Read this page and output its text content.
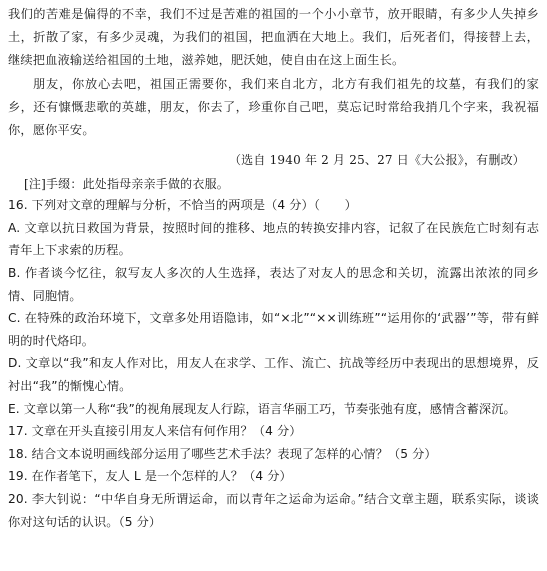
我们的苦难是偏得的不幸，我们不过是苦难的祖国的一个小小章节，放开眼睛，有多少人失掉乡土，折散了家，有多少灵魂，为我们的祖国，把血洒在大地上。我们，后死者们，得接替上去，继续把血液输送给祖国的土地，滋养她，肥沃她，使自由在这上面生长。

朋友，你放心去吧，祖国正需要你，我们来自北方，北方有我们祖先的坟墓，有我们的家乡，还有慷慨悲歌的英雄，朋友，你去了，珍重你自己吧，莫忘记时常给我捎几个字来，我祝福你，愿你平安。

（选自 1940 年 2 月 25、27 日《大公报》，有删改）

[注]手缀：此处指母亲亲手做的衣服。

16. 下列对文章的理解与分析，不恰当的两项是（4 分）（　　）

A. 文章以抗日救国为背景，按照时间的推移、地点的转换安排内容，记叙了在民族危亡时刻有志青年上下求索的历程。

B. 作者谈今忆往，叙写友人多次的人生选择，表达了对友人的思念和关切，流露出浓浓的同乡情、同胞情。

C. 在特殊的政治环境下，文章多处用语隐讳，如“×北”“××训练班”“运用你的‘武器’”等，带有鲜明的时代烙印。

D. 文章以“我”和友人作对比，用友人在求学、工作、流亡、抗战等经历中表现出的思想境界，反衬出“我”的惭愧心情。

E. 文章以第一人称“我”的视角展现友人行踪，语言华丽工巧，节奏张弛有度，感情含蓄深沉。

17. 文章在开头直接引用友人来信有何作用？（4 分）

18. 结合文本说明画线部分运用了哪些艺术手法？表现了怎样的心情？（5 分）

19. 在作者笔下，友人 L 是一个怎样的人？（4 分）

20. 李大钊说：“中华自身无所谓运命，而以青年之运命为运命。”结合文章主题，联系实际，谈谈你对这句话的认识。（5 分）
